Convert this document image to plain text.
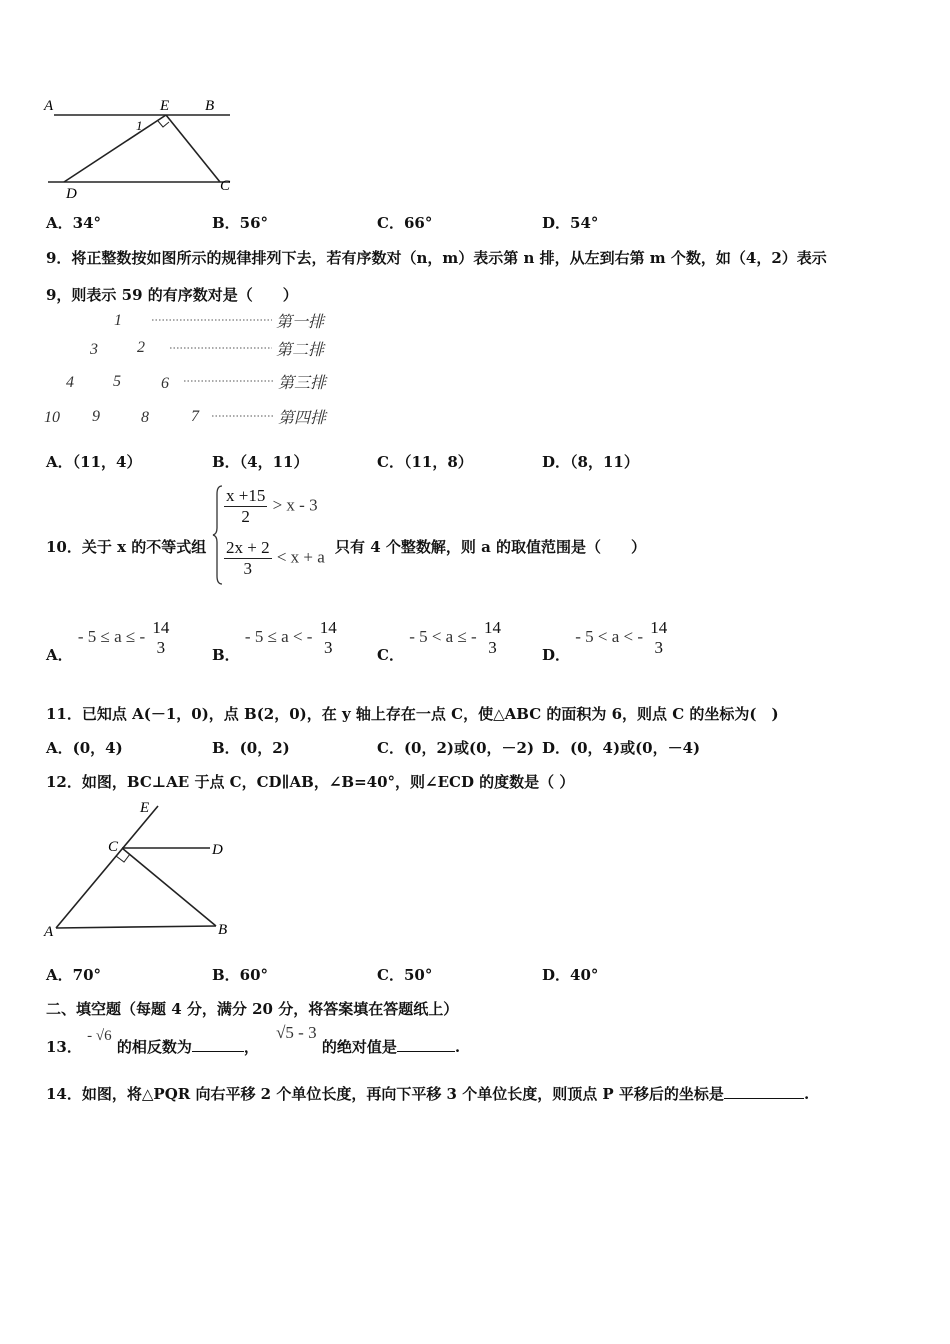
A	E B
1
D	C
A．34°	B．56°	C．66°	D．54°
9．将正整数按如图所示的规律排列下去，若有序数对（n，m）表示第 n 排，从左到右第 m 个数，如（4，2）表示
9，则表示 59 的有序数对是（　　）
1	第一排
3 2	第二排
4 5	6	第三排
10 9	8	7	第四排
A．（11，4）	B．（4，11）	C．（11，8）	D．（8，11）
10．关于 x 的不等式组
$\frac{x +15}{2} > x - 3$
$\frac{2x + 2}{3} < x + a$
只有 4 个整数解，则 a 的取值范围是（　　）
A． - 5 ≤ a ≤ - 14
3	B． - 5 ≤ a < - 14
3	C． - 5 < a ≤ - 14
3	D． - 5 < a < - 14
3
11．已知点 A(－1，0)，点 B(2，0)，在 y 轴上存在一点 C，使△ABC 的面积为 6，则点 C 的坐标为(　)
A．(0，4)	B．(0，2)	C．(0，2)或(0，－2) D．(0，4)或(0，－4)
12．如图，BC⊥AE 于点 C，CD∥AB，∠B=40°，则∠ECD 的度数是（ ）
E
C	D
A	B
A．70°	B．60°	C．50°	D．40°
二、填空题（每题 4 分，满分 20 分，将答案填在答题纸上）
13． - √6 的相反数为	， √5 - 3 的绝对值是	.
14．如图，将△PQR 向右平移 2 个单位长度，再向下平移 3 个单位长度，则顶点 P 平移后的坐标是	.
